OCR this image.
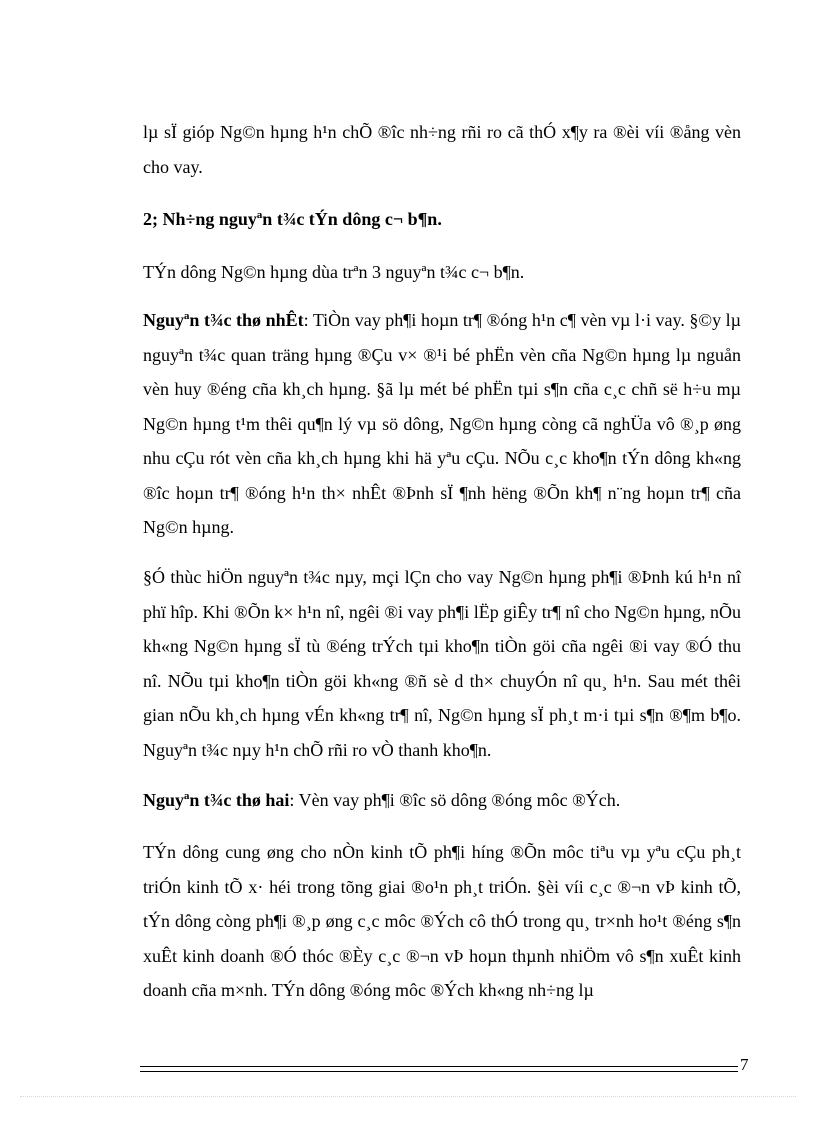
lµ sÏ gióp Ng©n hµng h¹n chÕ ®îc nh÷ng rñi ro cã thÓ x¶y ra ®èi víi ®ång vèn cho vay.

2; Nh÷ng nguyªn t¾c tÝn dông c¬ b¶n.

TÝn dông Ng©n hµng dùa trªn 3 nguyªn t¾c c¬ b¶n.

Nguyªn t¾c thø nhÊt: TiÒn vay ph¶i hoµn tr¶ ®óng h¹n c¶ vèn vµ l·i vay. §©y lµ nguyªn t¾c quan träng hµng ®Çu v× ®¹i bé phËn vèn cña Ng©n hµng lµ nguån vèn huy ®éng cña kh¸ch hµng. §ã lµ mét bé phËn tµi s¶n cña c¸c chñ së h÷u mµ Ng©n hµng t¹m thêi qu¶n lý vµ sö dông, Ng©n hµng còng cã nghÜa vô ®¸p øng nhu cÇu rót vèn cña kh¸ch hµng khi hä yªu cÇu. NÕu c¸c kho¶n tÝn dông kh«ng ®îc hoµn tr¶ ®óng h¹n th× nhÊt ®Þnh sÏ ¶nh hëng ®Õn kh¶ n¨ng hoµn tr¶ cña Ng©n hµng.

§Ó thùc hiÖn nguyªn t¾c nµy, mçi lÇn cho vay Ng©n hµng ph¶i ®Þnh kú h¹n nî phï hîp. Khi ®Õn k× h¹n nî, ngêi ®i vay ph¶i lËp giÊy tr¶ nî cho Ng©n hµng, nÕu kh«ng Ng©n hµng sÏ tù ®éng trÝch tµi kho¶n tiÒn göi cña ngêi ®i vay ®Ó thu nî. NÕu tµi kho¶n tiÒn göi kh«ng ®ñ sè d th× chuyÓn nî qu¸ h¹n. Sau mét thêi gian nÕu kh¸ch hµng vÉn kh«ng tr¶ nî, Ng©n hµng sÏ ph¸t m·i tµi s¶n ®¶m b¶o. Nguyªn t¾c nµy h¹n chÕ rñi ro vÒ thanh kho¶n.

Nguyªn t¾c thø hai: Vèn vay ph¶i ®îc sö dông ®óng môc ®Ých.

TÝn dông cung øng cho nÒn kinh tÕ ph¶i híng ®Õn môc tiªu vµ yªu cÇu ph¸t triÓn kinh tÕ x· héi trong tõng giai ®o¹n ph¸t triÓn. §èi víi c¸c ®¬n vÞ kinh tÕ, tÝn dông còng ph¶i ®¸p øng c¸c môc ®Ých cô thÓ trong qu¸ tr×nh ho¹t ®éng s¶n xuÊt kinh doanh ®Ó thóc ®Èy c¸c ®¬n vÞ hoµn thµnh nhiÖm vô s¶n xuÊt kinh doanh cña m×nh. TÝn dông ®óng môc ®Ých kh«ng nh÷ng lµ

7
